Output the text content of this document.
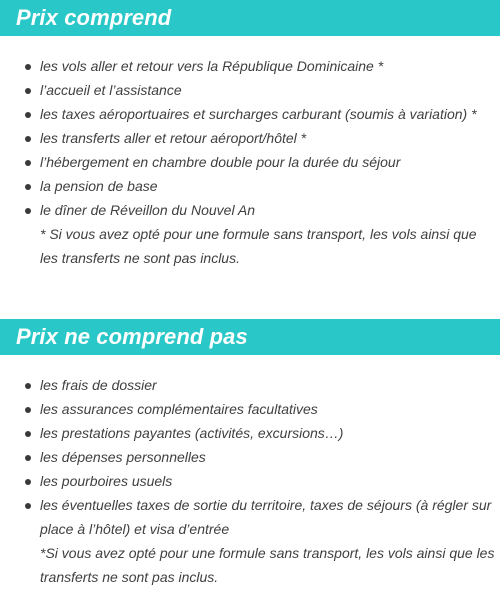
Prix comprend
les vols aller et retour vers la République Dominicaine *
l’accueil et l’assistance
les taxes aéroportuaires et surcharges carburant (soumis à variation) *
les transferts aller et retour aéroport/hôtel *
l’hébergement en chambre double pour la durée du séjour
la pension de base
le dîner de Réveillon du Nouvel An
* Si vous avez opté pour une formule sans transport, les vols ainsi que les transferts ne sont pas inclus.
Prix ne comprend pas
les frais de dossier
les assurances complémentaires facultatives
les prestations payantes (activités, excursions…)
les dépenses personnelles
les pourboires usuels
les éventuelles taxes de sortie du territoire, taxes de séjours (à régler sur place à l’hôtel) et visa d’entrée
*Si vous avez opté pour une formule sans transport, les vols ainsi que les transferts ne sont pas inclus.
